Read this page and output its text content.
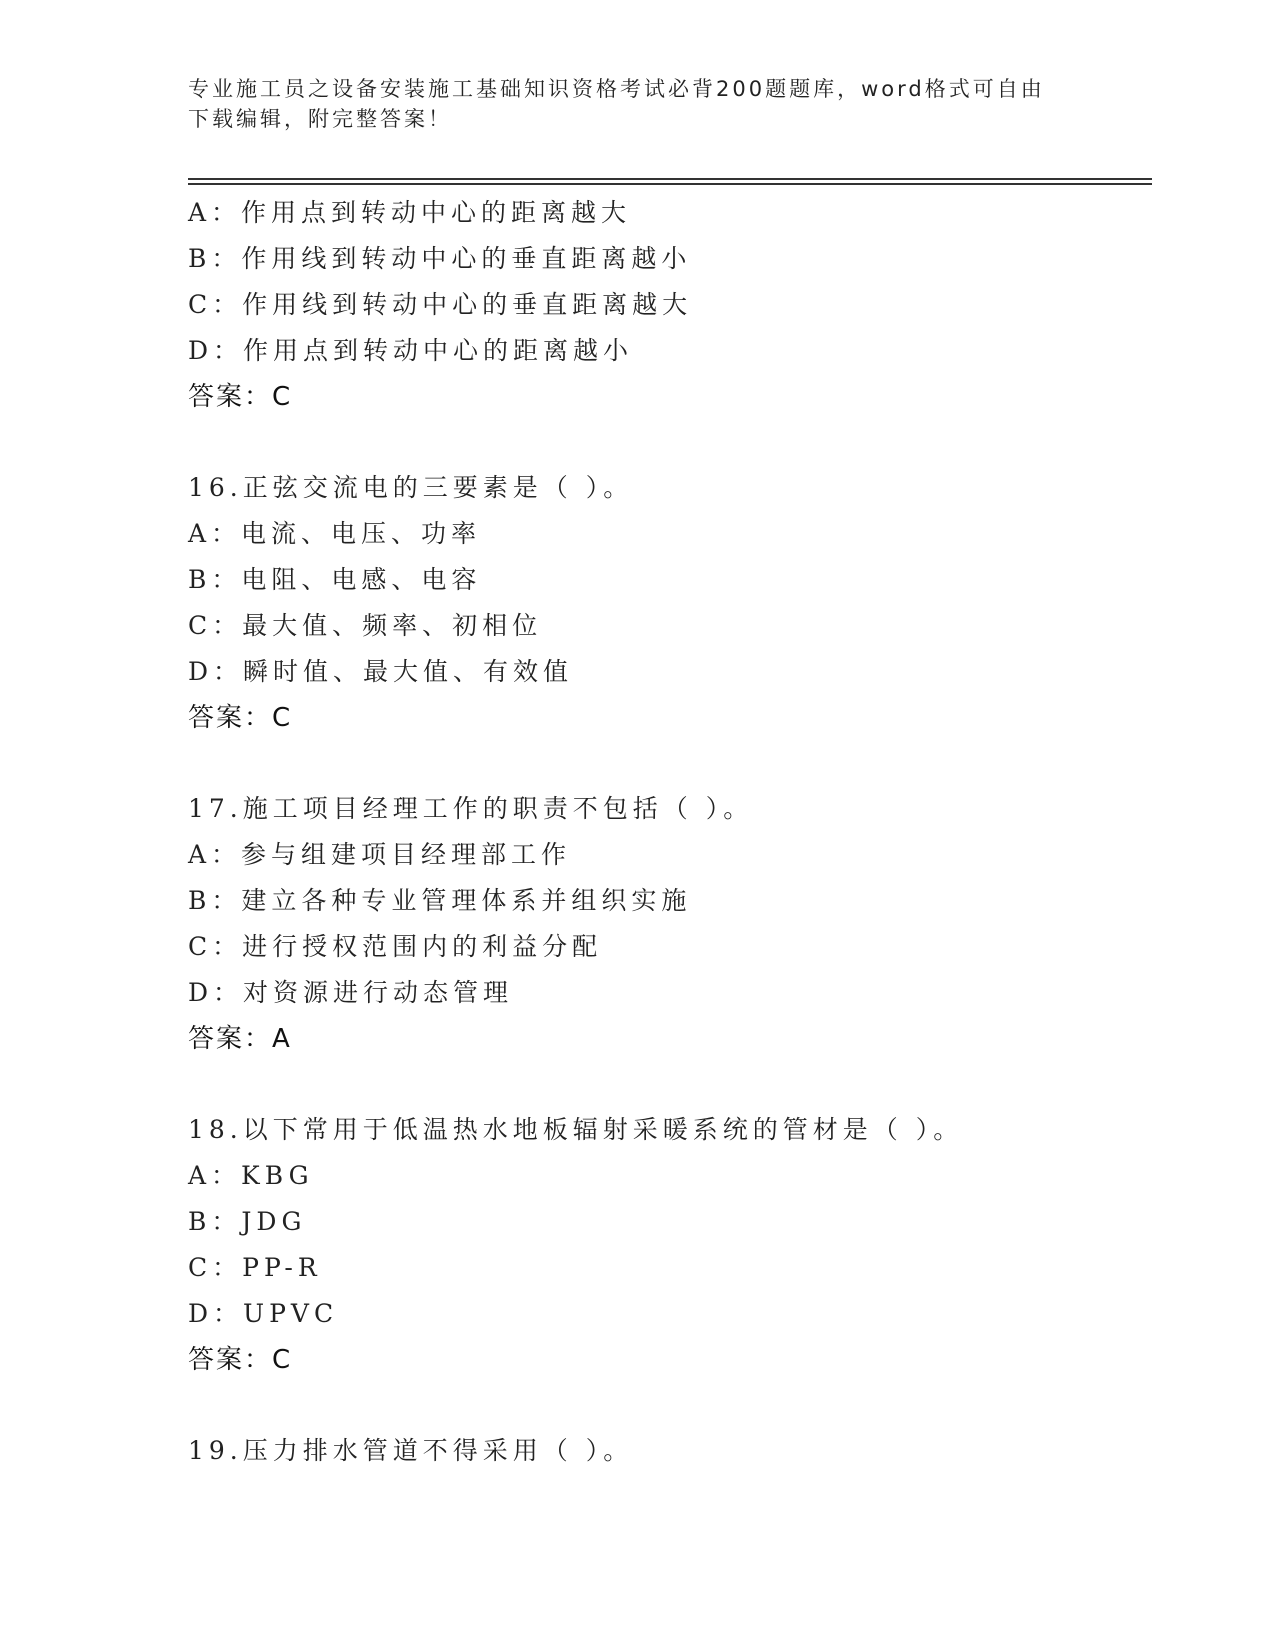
专业施工员之设备安装施工基础知识资格考试必背200题题库，word格式可自由
下载编辑，附完整答案！
A：作用点到转动中心的距离越大
B：作用线到转动中心的垂直距离越小
C：作用线到转动中心的垂直距离越大
D：作用点到转动中心的距离越小
答案：C
16.正弦交流电的三要素是（ ）。
A：电流、电压、功率
B：电阻、电感、电容
C：最大值、频率、初相位
D：瞬时值、最大值、有效值
答案：C
17.施工项目经理工作的职责不包括（ ）。
A：参与组建项目经理部工作
B：建立各种专业管理体系并组织实施
C：进行授权范围内的利益分配
D：对资源进行动态管理
答案：A
18.以下常用于低温热水地板辐射采暖系统的管材是（ ）。
A：KBG
B：JDG
C：PP-R
D：UPVC
答案：C
19.压力排水管道不得采用（ ）。
